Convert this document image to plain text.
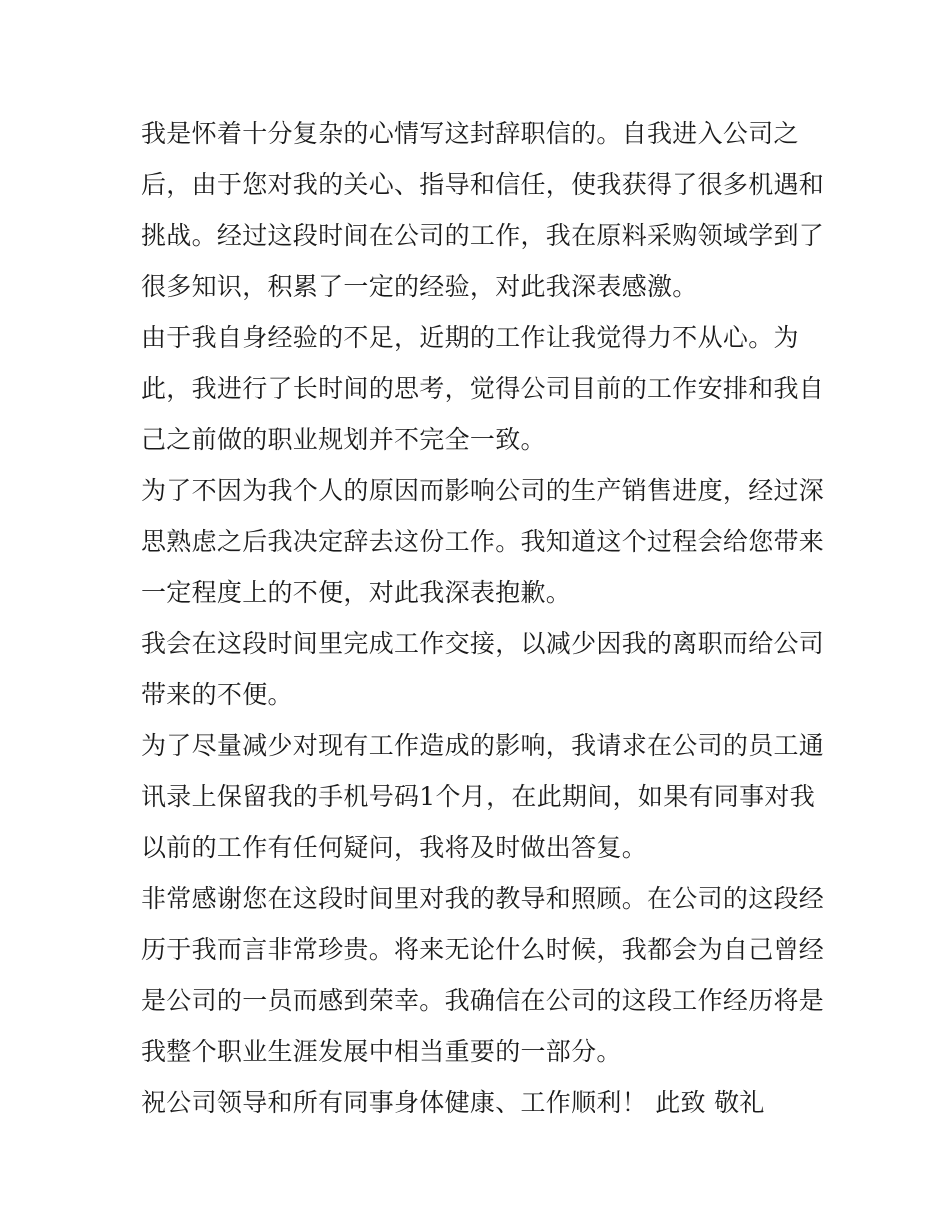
我是怀着十分复杂的心情写这封辞职信的。自我进入公司之
后，由于您对我的关心、指导和信任，使我获得了很多机遇和
挑战。经过这段时间在公司的工作，我在原料采购领域学到了
很多知识，积累了一定的经验，对此我深表感激。

由于我自身经验的不足，近期的工作让我觉得力不从心。为
此，我进行了长时间的思考，觉得公司目前的工作安排和我自
己之前做的职业规划并不完全一致。

为了不因为我个人的原因而影响公司的生产销售进度，经过深
思熟虑之后我决定辞去这份工作。我知道这个过程会给您带来
一定程度上的不便，对此我深表抱歉。

我会在这段时间里完成工作交接，以减少因我的离职而给公司
带来的不便。

为了尽量减少对现有工作造成的影响，我请求在公司的员工通
讯录上保留我的手机号码1个月，在此期间，如果有同事对我
以前的工作有任何疑问，我将及时做出答复。

非常感谢您在这段时间里对我的教导和照顾。在公司的这段经
历于我而言非常珍贵。将来无论什么时候，我都会为自己曾经
是公司的一员而感到荣幸。我确信在公司的这段工作经历将是
我整个职业生涯发展中相当重要的一部分。

祝公司领导和所有同事身体健康、工作顺利！ 此致 敬礼
